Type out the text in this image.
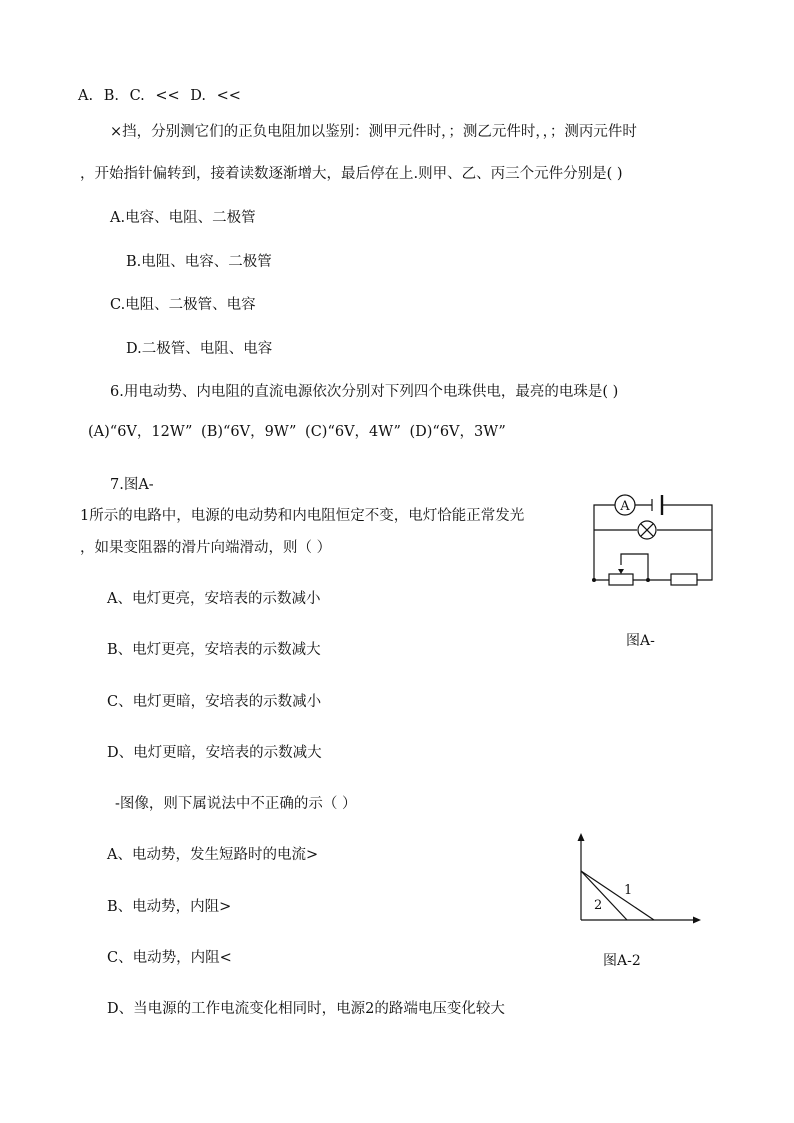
A. B. C. << D. <<
×挡，分别测它们的正负电阻加以鉴别：测甲元件时，；测乙元件时，，；测丙元件时
，开始指针偏转到，接着读数逐渐增大，最后停在上.则甲、乙、丙三个元件分别是( )
A.电容、电阻、二极管
B.电阻、电容、二极管
C.电阻、二极管、电容
D.二极管、电阻、电容
6.用电动势、内电阻的直流电源依次分别对下列四个电珠供电，最亮的电珠是( )
(A)“6V，12W” (B)“6V，9W” (C)“6V，4W” (D)“6V，3W”
7.图A-
1所示的电路中，电源的电动势和内电阻恒定不变，电灯恰能正常发光
，如果变阻器的滑片向端滑动，则（ ）
A、电灯更亮，安培表的示数减小
B、电灯更亮，安培表的示数减大
C、电灯更暗，安培表的示数减小
D、电灯更暗，安培表的示数减大
-图像，则下属说法中不正确的示（ ）
A、电动势，发生短路时的电流>
B、电动势，内阻>
C、电动势，内阻<
D、当电源的工作电流变化相同时，电源2的路端电压变化较大
A
图A-
1
2
图A-2
